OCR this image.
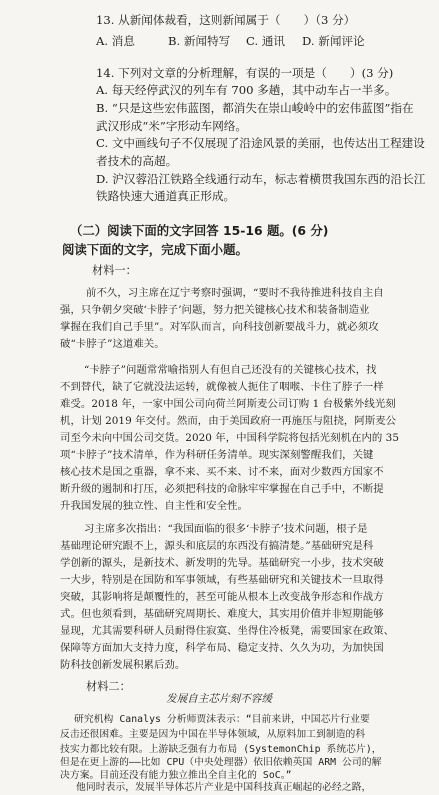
13. 从新闻体裁看，这则新闻属于（　　）（3 分）
A. 消息	B. 新闻特写	C. 通讯	D. 新闻评论
14. 下列对文章的分析理解，有误的一项是（　　）(3 分)
A. 每天经停武汉的列车有 700 多趟，其中动车占一半多。
B. “只是这些宏伟蓝图，都消失在崇山峻岭中的宏伟蓝图”指在
武汉形成“米”字形动车网络。
C. 文中画线句子不仅展现了沿途风景的美丽，也传达出工程建设
者技术的高超。
D. 沪汉蓉沿江铁路全线通行动车，标志着横贯我国东西的沿长江
铁路快速大通道真正形成。
（二）阅读下面的文字回答 15-16 题。(6 分)
阅读下面的文字，完成下面小题。
材料一：
前不久，习主席在辽宁考察时强调，“要时不我待推进科技自主自
强，只争朝夕突破‘卡脖子’问题，努力把关键核心技术和装备制造业
掌握在我们自己手里”。对军队而言，向科技创新要战斗力，就必须攻
破“卡脖子”这道难关。
“卡脖子”问题常常喻指别人有但自己还没有的关键核心技术，找
不到替代，缺了它就没法运转，就像被人扼住了咽喉、卡住了脖子一样
难受。2018 年，一家中国公司向荷兰阿斯麦公司订购 1 台极紫外线光刻
机，计划 2019 年交付。然而，由于美国政府一再施压与阻挠，阿斯麦公
司至今未向中国公司交货。2020 年，中国科学院将包括光刻机在内的 35
项“卡脖子”技术清单，作为科研任务清单。现实深刻警醒我们，关键
核心技术是国之重器，拿不来、买不来、讨不来，面对少数西方国家不
断升级的遏制和打压，必须把科技的命脉牢牢掌握在自己手中，不断提
升我国发展的独立性、自主性和安全性。
习主席多次指出：“我国面临的很多‘卡脖子’技术问题，根子是
基础理论研究跟不上，源头和底层的东西没有搞清楚。”基础研究是科
学创新的源头，是新技术、新发明的先导。基础研究一小步，技术突破
一大步，特别是在国防和军事领域，有些基础研究和关键技术一旦取得
突破，其影响将是颠覆性的，甚至可能从根本上改变战争形态和作战方
式。但也须看到，基础研究周期长、难度大，其实用价值并非短期能够
显现，尤其需要科研人员耐得住寂寞、坐得住冷板凳，需要国家在政策、
保障等方面加大支持力度，科学布局、稳定支持、久久为功，为加快国
防科技创新发展积累后劲。
材料二：
发展自主芯片刻不容缓
研究机构 Canalys 分析师贾沫表示：“目前来讲，中国芯片行业要
反击还很困难。主要是因为中国在半导体领域，从原料加工到制造的科
技实力都比较有限。上游缺乏强有力布局 (SystemonChip 系统芯片)，
但是在更上游的——比如 CPU（中央处理器）依旧依赖英国 ARM 公司的解
决方案。目前还没有能力独立推出全自主化的 SoC。”
他同时表示，发展半导体芯片产业是中国科技真正崛起的必经之路，
